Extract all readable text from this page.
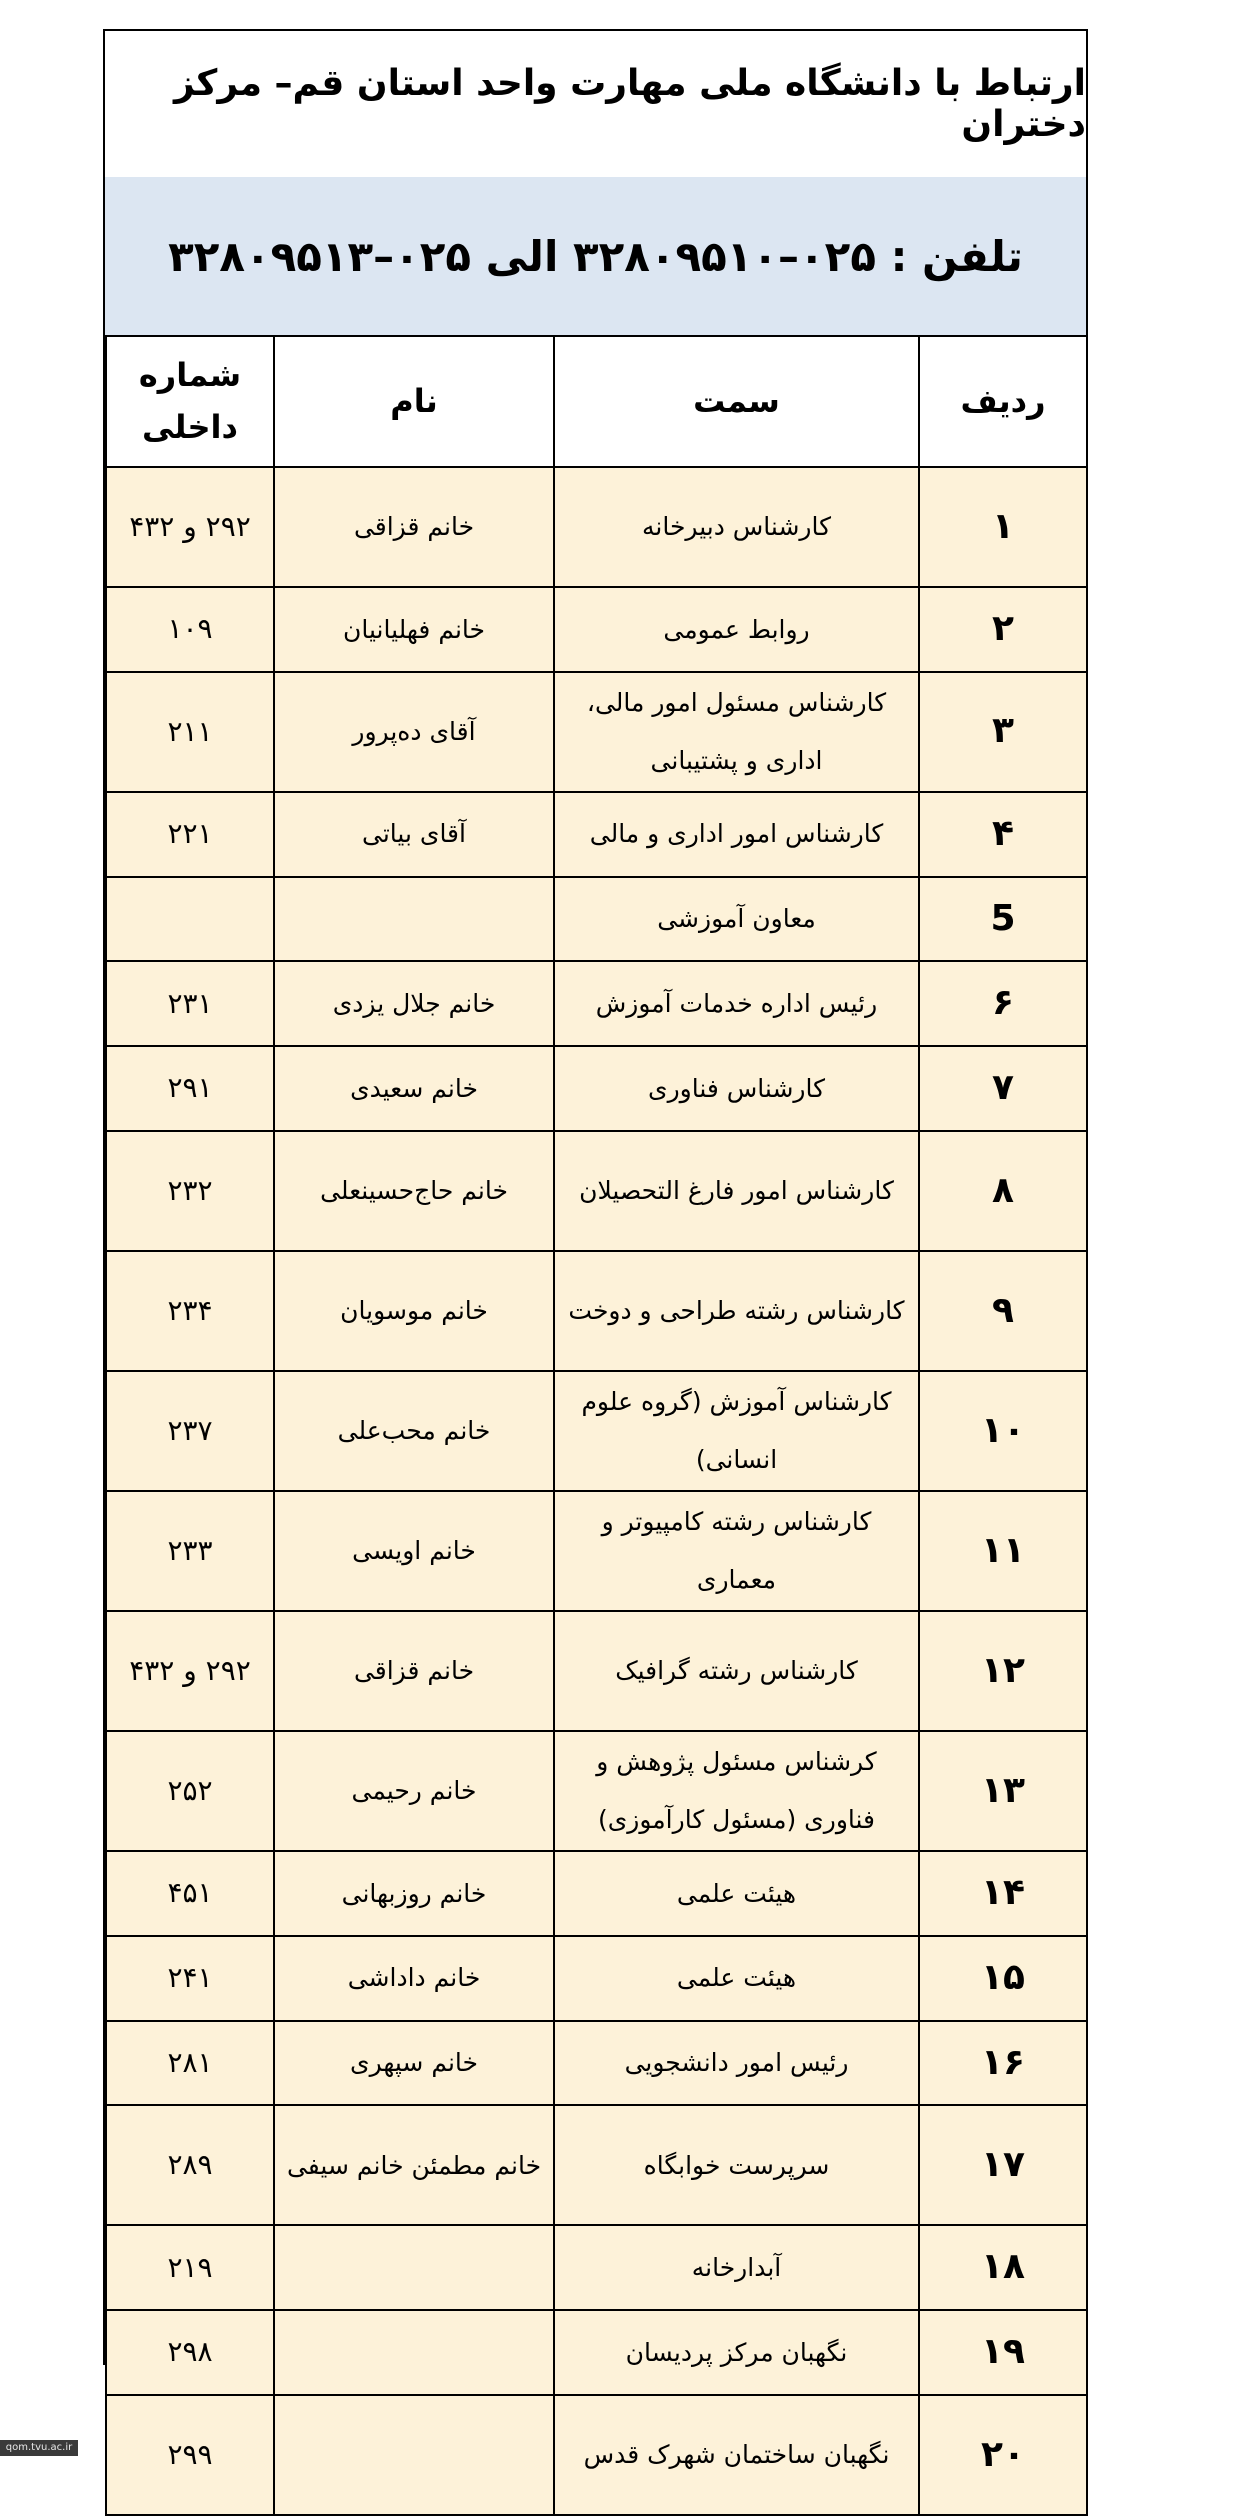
ارتباط با دانشگاه ملی مهارت واحد استان قم– مرکز دختران
تلفن : ۰۲۵–۳۲۸۰۹۵۱۰ الی ۰۲۵–۳۲۸۰۹۵۱۳
ردیف	سمت	نام	شماره داخلی
۱	کارشناس دبیرخانه	خانم قزاقی	۲۹۲ و ۴۳۲
۲	روابط عمومی	خانم فهلیانیان	۱۰۹
۳	کارشناس مسئول امور مالی، اداری و پشتیبانی	آقای ده‌پرور	۲۱۱
۴	کارشناس امور اداری و مالی	آقای بیاتی	۲۲۱
5	معاون آموزشی		
۶	رئیس اداره خدمات آموزش	خانم جلال یزدی	۲۳۱
۷	کارشناس فناوری	خانم سعیدی	۲۹۱
۸	کارشناس امور فارغ التحصیلان	خانم حاج‌حسینعلی	۲۳۲
۹	کارشناس رشته طراحی و دوخت	خانم موسویان	۲۳۴
۱۰	کارشناس آموزش (گروه علوم انسانی)	خانم محب‌علی	۲۳۷
۱۱	کارشناس رشته کامپیوتر و معماری	خانم اویسی	۲۳۳
۱۲	کارشناس رشته گرافیک	خانم قزاقی	۲۹۲ و ۴۳۲
۱۳	کرشناس مسئول پژوهش و فناوری (مسئول کارآموزی)	خانم رحیمی	۲۵۲
۱۴	هیئت علمی	خانم روزبهانی	۴۵۱
۱۵	هیئت علمی	خانم داداشی	۲۴۱
۱۶	رئیس امور دانشجویی	خانم سپهری	۲۸۱
۱۷	سرپرست خوابگاه	خانم مطمئن خانم سیفی	۲۸۹
۱۸	آبدارخانه		۲۱۹
۱۹	نگهبان مرکز پردیسان		۲۹۸
۲۰	نگهبان ساختمان شهرک قدس		۲۹۹
qom.tvu.ac.ir
